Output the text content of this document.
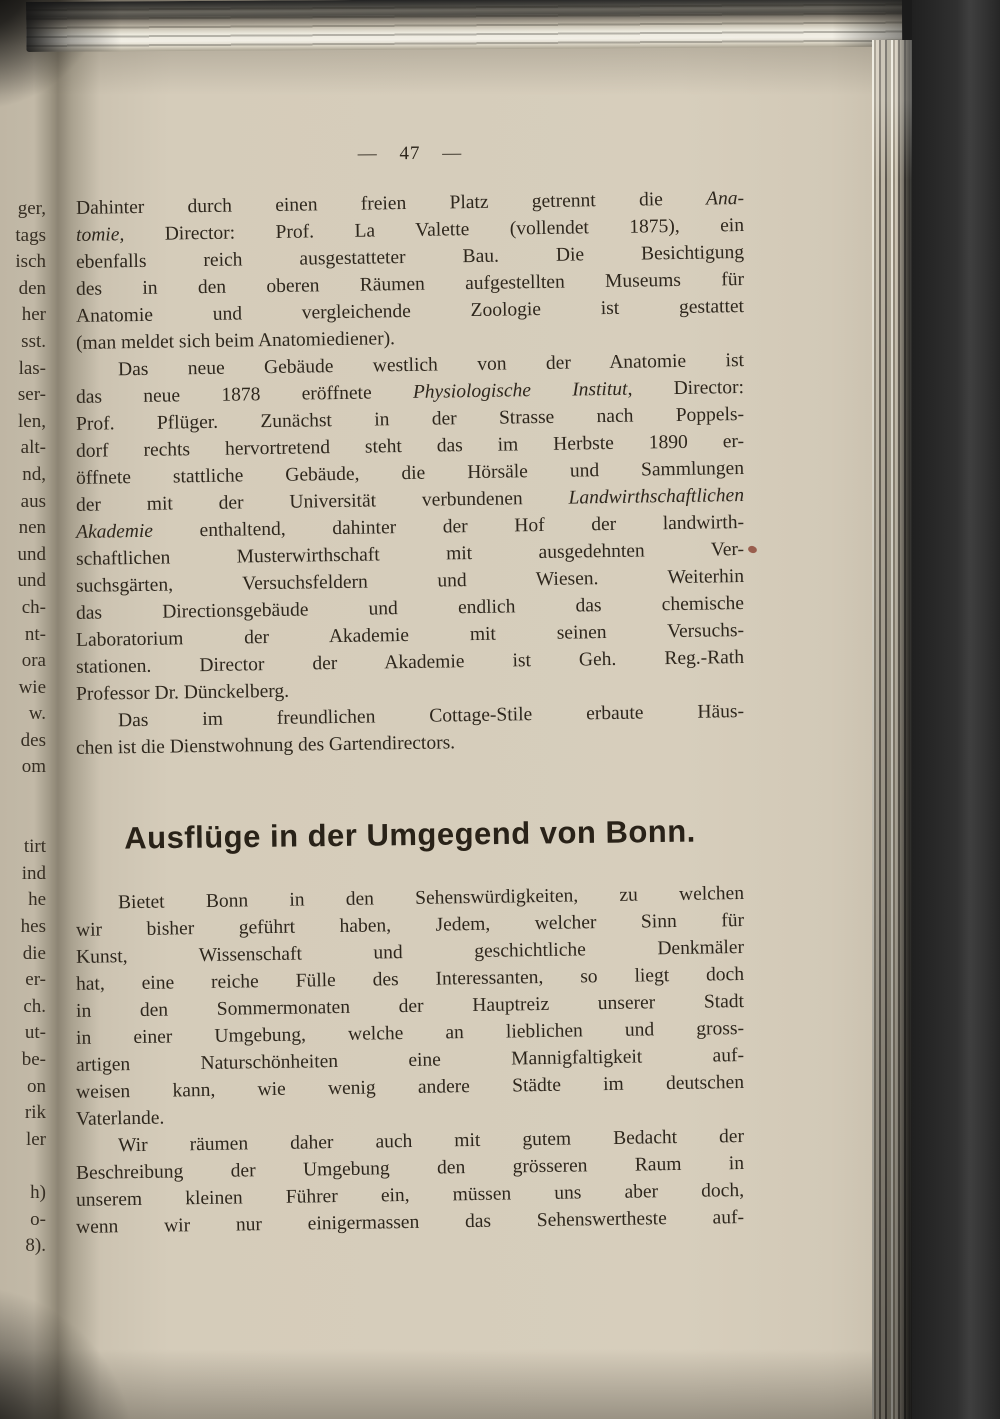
ger,
tags
isch
den
her
sst.
las-
ser-
len,
alt-
nd,
aus
nen
und
und
ch-
nt-
ora
wie
w.
des
om

tirt
ind
he
hes
die
er-
ch.
ut-
be-
on
rik
ler

h)
o-
8).
— 47 —
Dahinter durch einen freien Platz getrennt die Ana-
tomie, Director: Prof. La Valette (vollendet 1875), ein
ebenfalls reich ausgestatteter Bau. Die Besichtigung
des in den oberen Räumen aufgestellten Museums für
Anatomie und vergleichende Zoologie ist gestattet
(man meldet sich beim Anatomiediener).
Das neue Gebäude westlich von der Anatomie ist
das neue 1878 eröffnete Physiologische Institut, Director:
Prof. Pflüger. Zunächst in der Strasse nach Poppels-
dorf rechts hervortretend steht das im Herbste 1890 er-
öffnete stattliche Gebäude, die Hörsäle und Sammlungen
der mit der Universität verbundenen Landwirthschaftlichen
Akademie enthaltend, dahinter der Hof der landwirth-
schaftlichen Musterwirthschaft mit ausgedehnten Ver-
suchsgärten, Versuchsfeldern und Wiesen. Weiterhin
das Directionsgebäude und endlich das chemische
Laboratorium der Akademie mit seinen Versuchs-
stationen. Director der Akademie ist Geh. Reg.-Rath
Professor Dr. Dünckelberg.
Das im freundlichen Cottage-Stile erbaute Häus-
chen ist die Dienstwohnung des Gartendirectors.
Ausflüge in der Umgegend von Bonn.
Bietet Bonn in den Sehenswürdigkeiten, zu welchen
wir bisher geführt haben, Jedem, welcher Sinn für
Kunst, Wissenschaft und geschichtliche Denkmäler
hat, eine reiche Fülle des Interessanten, so liegt doch
in den Sommermonaten der Hauptreiz unserer Stadt
in einer Umgebung, welche an lieblichen und gross-
artigen Naturschönheiten eine Mannigfaltigkeit auf-
weisen kann, wie wenig andere Städte im deutschen
Vaterlande.
Wir räumen daher auch mit gutem Bedacht der
Beschreibung der Umgebung den grösseren Raum in
unserem kleinen Führer ein, müssen uns aber doch,
wenn wir nur einigermassen das Sehenswertheste auf-
